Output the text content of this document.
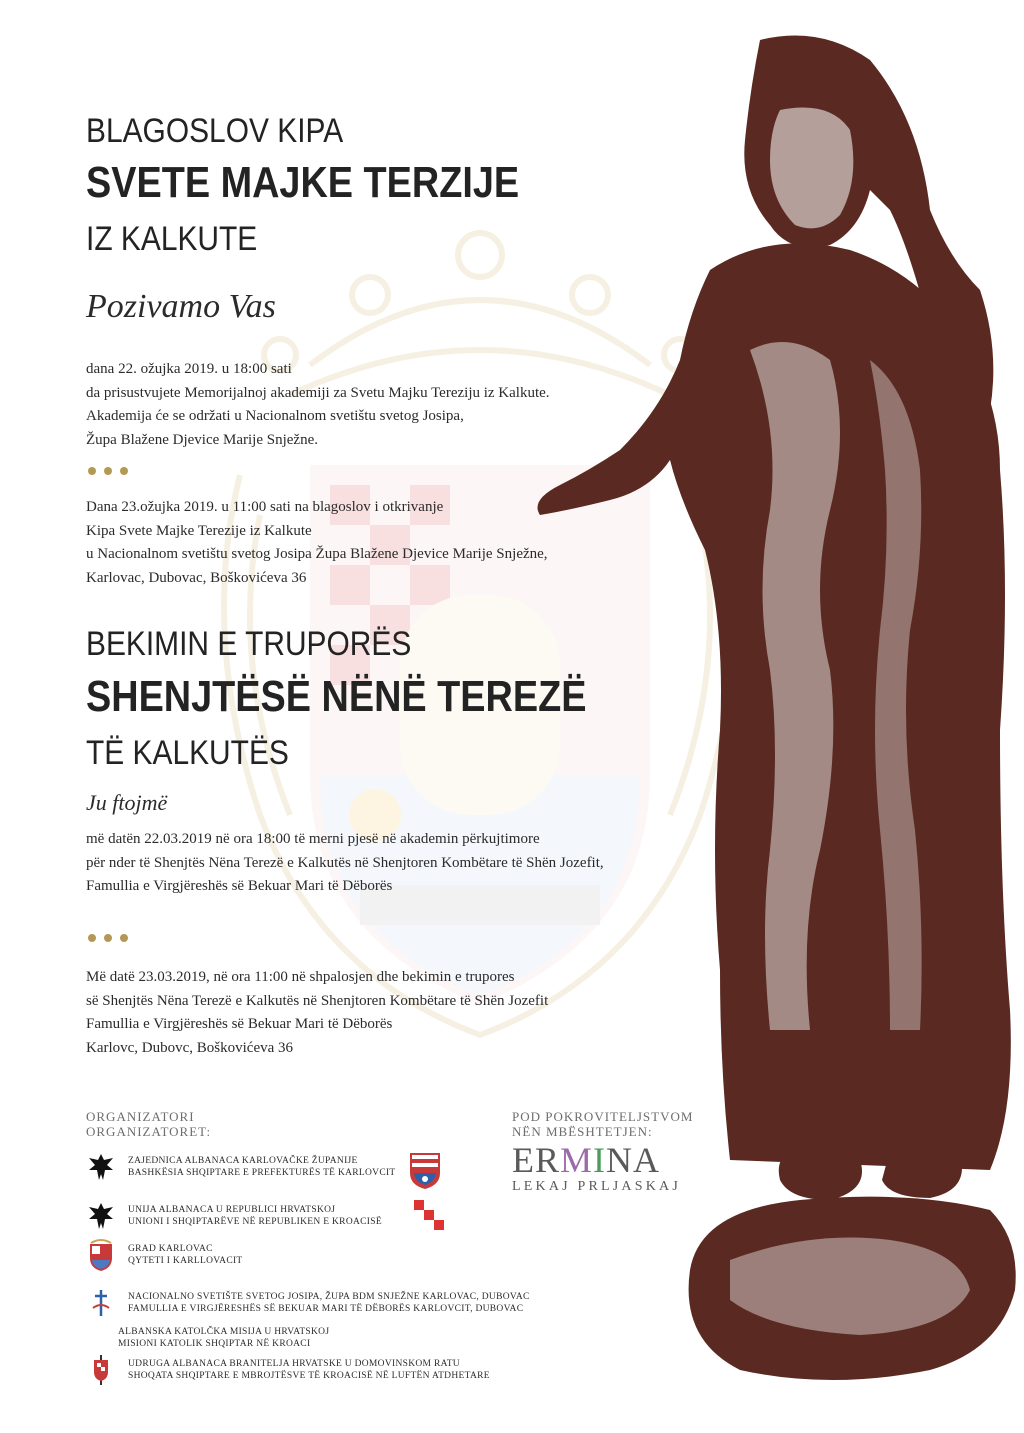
BLAGOSLOV KIPA
SVETE MAJKE TERZIJE
IZ KALKUTE

Pozivamo Vas

dana 22. ožujka 2019. u 18:00 sati
da prisustvujete Memorijalnoj akademiji za Svetu Majku Tereziju iz Kalkute.
Akademija će se održati u Nacionalnom svetištu svetog Josipa,
Župa Blažene Djevice Marije Snježne.

Dana 23.ožujka 2019. u 11:00 sati na blagoslov i otkrivanje
Kipa Svete Majke Terezije iz Kalkute
u Nacionalnom svetištu svetog Josipa Župa Blažene Djevice Marije Snježne,
Karlovac, Dubovac, Boškovićeva 36

BEKIMIN E TRUPORËS
SHENJTËSË NËNË TEREZË
TË KALKUTËS

Ju ftojmë

më datën 22.03.2019 në ora 18:00 të merni pjesë në akademin përkujtimore
për nder të Shenjtës Nëna Terezë e Kalkutës në Shenjtoren Kombëtare të Shën Jozefit,
Famullia e Virgjëreshës së Bekuar Mari të Dëborës

Më datë 23.03.2019, në ora 11:00 në shpalosjen dhe bekimin e trupores
së Shenjtës Nëna Terezë e Kalkutës në Shenjtoren Kombëtare të Shën Jozefit
Famullia e Virgjëreshës së Bekuar Mari të Dëborës
Karlovc, Dubovc, Boškovićeva 36

ORGANIZATORI
ORGANIZATORET:

POD POKROVITELJSTVOM
NËN MBËSHTETJEN:

ZAJEDNICA ALBANACA KARLOVAČKE ŽUPANIJE
BASHKËSIA SHQIPTARE E PREFEKTURËS TË KARLOVCIT
UNIJA ALBANACA U REPUBLICI HRVATSKOJ
UNIONI I SHQIPTARËVE NË REPUBLIKEN E KROACISË
GRAD KARLOVAC
QYTETI I KARLLOVACIT
NACIONALNO SVETIŠTE SVETOG JOSIPA, ŽUPA BDM SNJEŽNE KARLOVAC, DUBOVAC
FAMULLIA E VIRGJËRESHËS SË BEKUAR MARI TË DËBORËS KARLOVCIT, DUBOVAC
ALBANSKA KATOLČKA MISIJA U HRVATSKOJ
MISIONI KATOLIK SHQIPTAR NË KROACI
UDRUGA ALBANACA BRANITELJA HRVATSKE U DOMOVINSKOM RATU
SHOQATA SHQIPTARE E MBROJTËSVE TË KROACISË NË LUFTËN ATDHETARE
ERMINA
LEKAJ PRLJASKAJ
